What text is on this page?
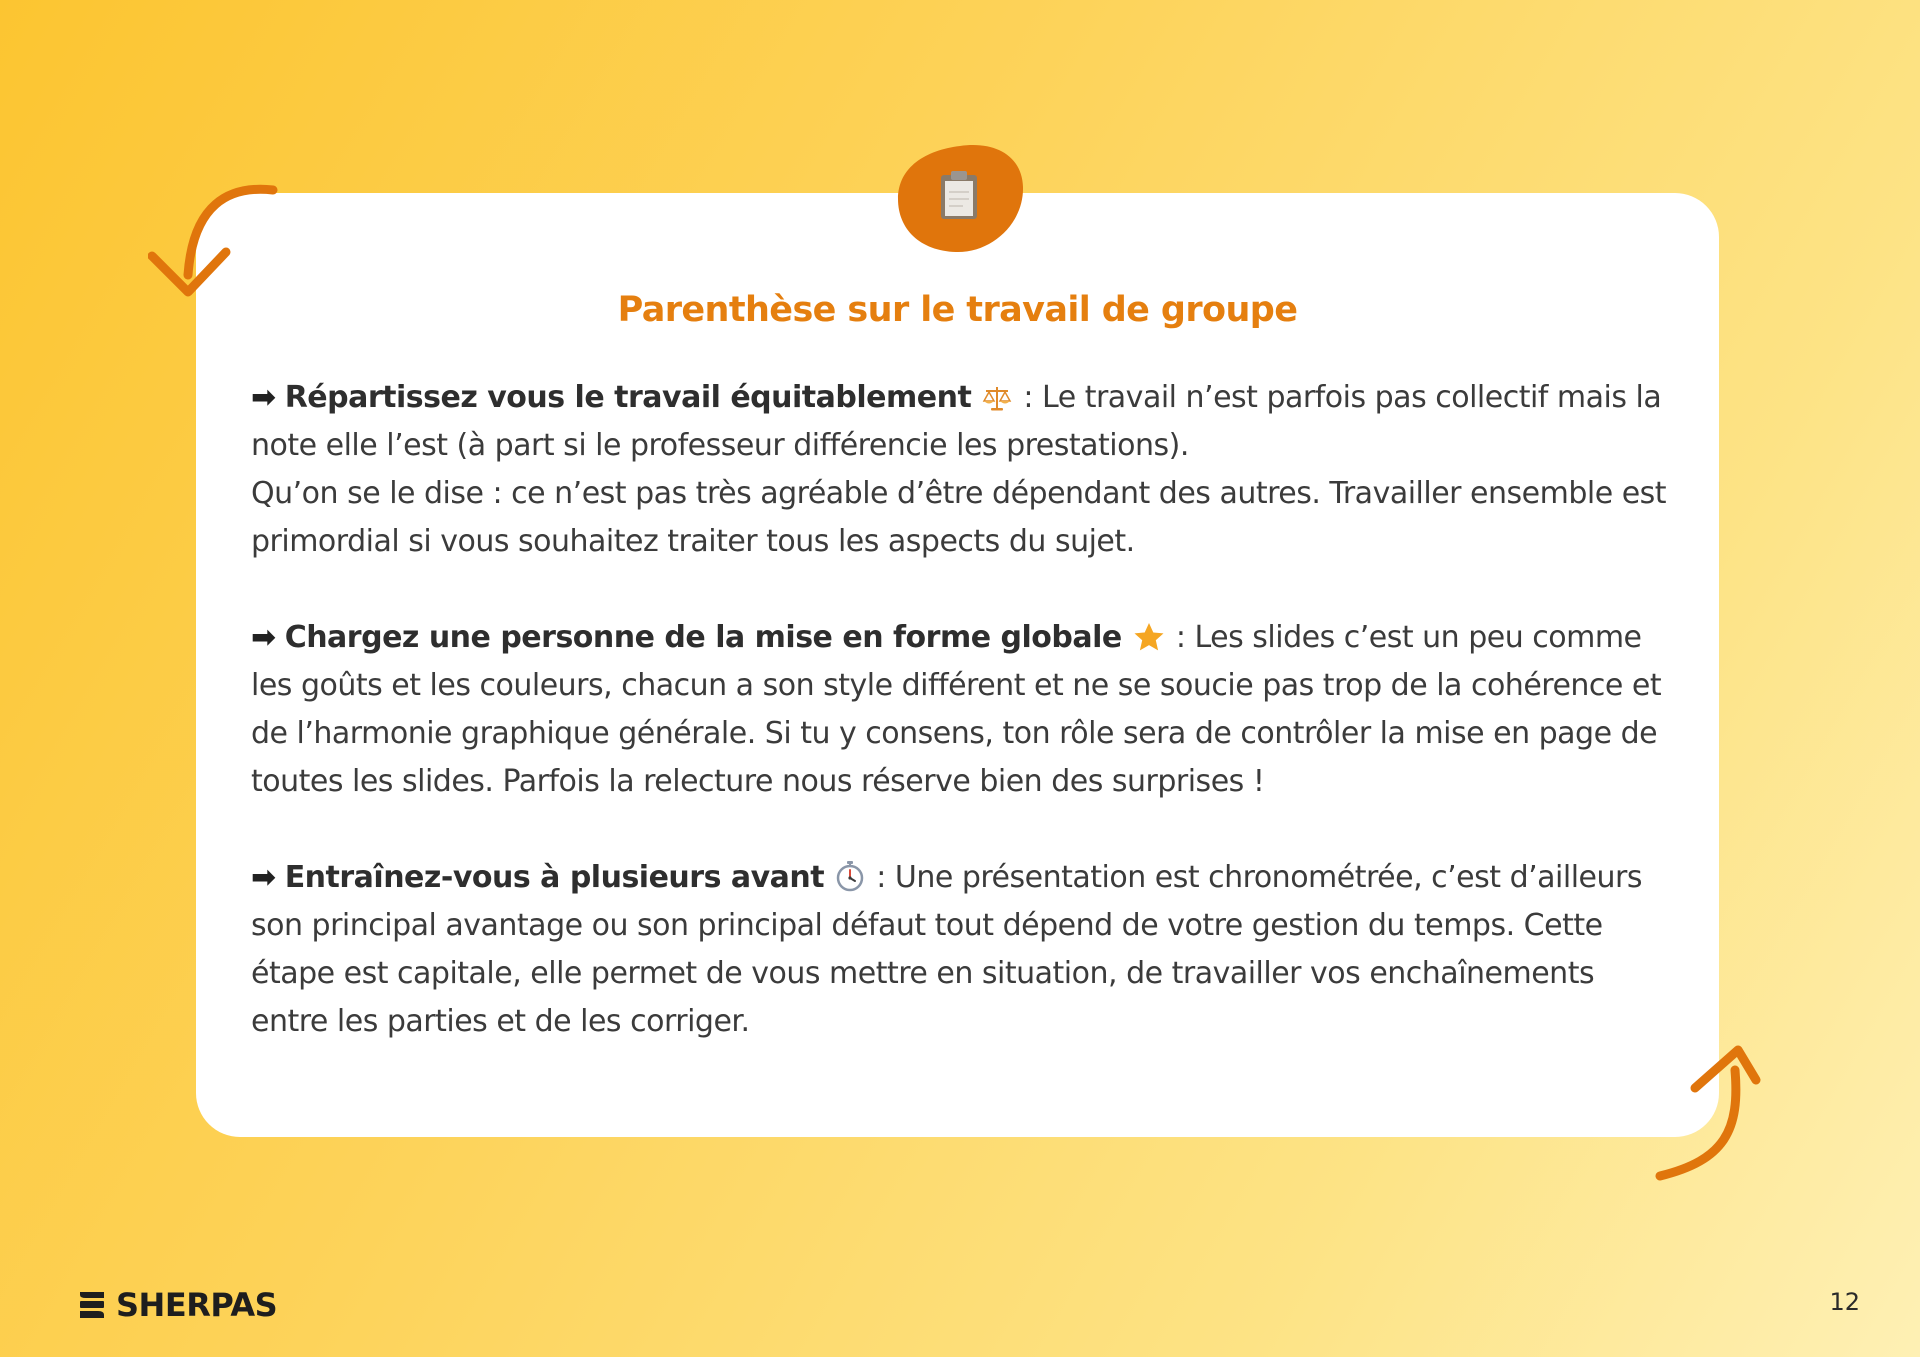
Parenthèse sur le travail de groupe

➡ Répartissez vous le travail équitablement  : Le travail n’est parfois pas collectif mais la note elle l’est (à part si le professeur différencie les prestations).
Qu’on se le dise : ce n’est pas très agréable d’être dépendant des autres. Travailler ensemble est primordial si vous souhaitez traiter tous les aspects du sujet.

➡ Chargez une personne de la mise en forme globale  : Les slides c’est un peu comme les goûts et les couleurs, chacun a son style différent et ne se soucie pas trop de la cohérence et de l’harmonie graphique générale. Si tu y consens, ton rôle sera de contrôler la mise en page de toutes les slides. Parfois la relecture nous réserve bien des surprises !

➡ Entraînez-vous à plusieurs avant  : Une présentation est chronométrée, c’est d’ailleurs son principal avantage ou son principal défaut tout dépend de votre gestion du temps. Cette étape est capitale, elle permet de vous mettre en situation, de travailler vos enchaînements entre les parties et de les corriger.

SHERPAS	12
